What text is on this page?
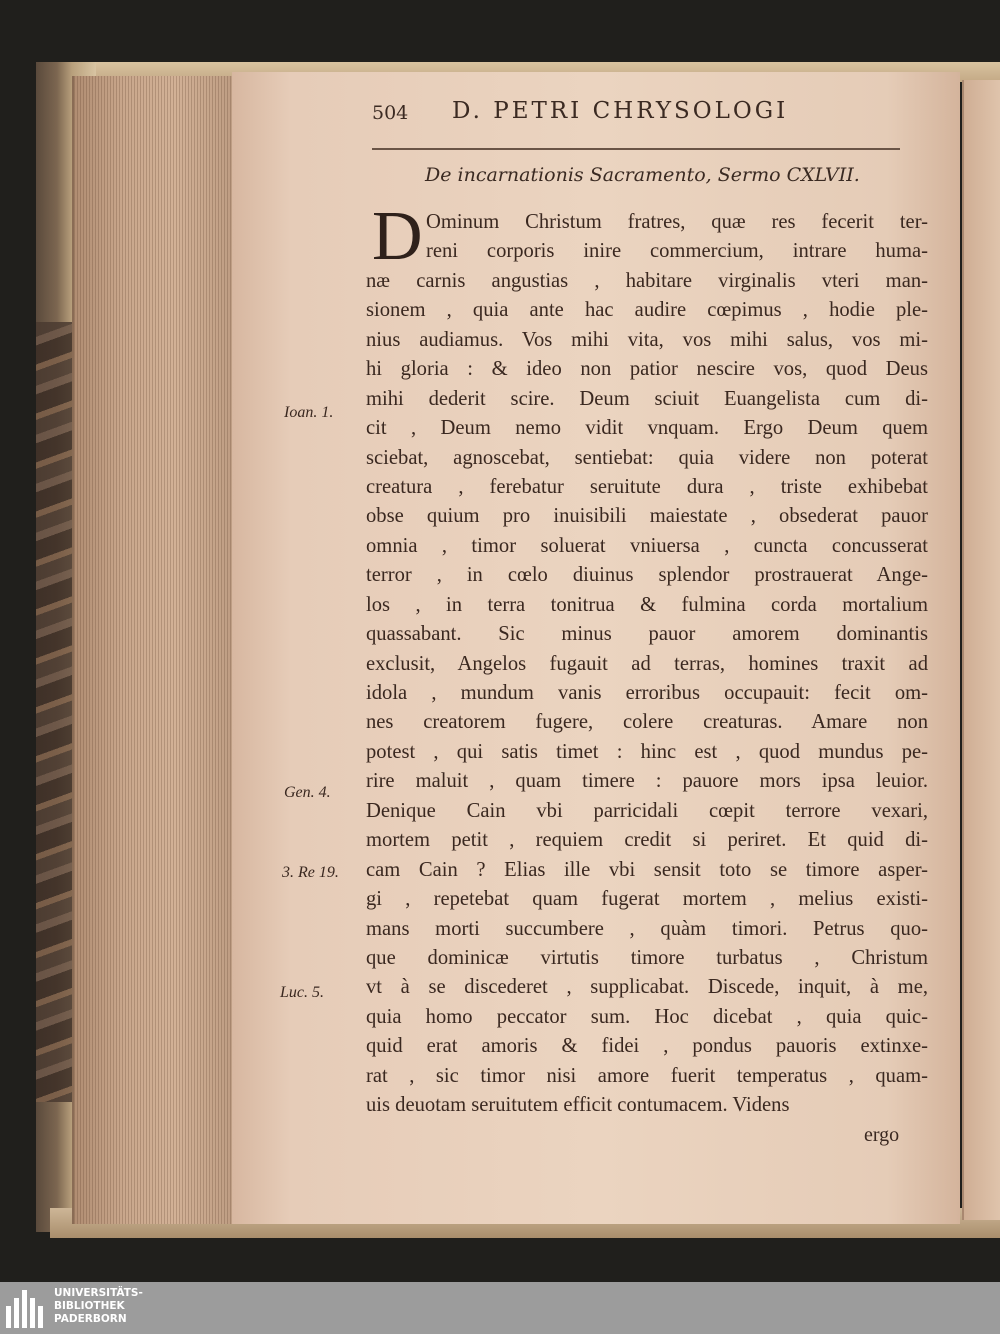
504 D. PETRI CHRYSOLOGI
De incarnationis Sacramento, Sermo CXLVII.
D Ominum Christum fratres, quæ res fecerit ter-
reni corporis inire commercium, intrare huma-
næ carnis angustias , habitare virginalis vteri man-
sionem , quia ante hac audire cœpimus , hodie ple-
nius audiamus. Vos mihi vita, vos mihi salus, vos mi-
hi gloria : & ideo non patior nescire vos, quod Deus
mihi dederit scire. Deum sciuit Euangelista cum di-
cit , Deum nemo vidit vnquam. Ergo Deum quem
sciebat, agnoscebat, sentiebat: quia videre non poterat
creatura , ferebatur seruitute dura , triste exhibebat
obse quium pro inuisibili maiestate , obsederat pauor
omnia , timor soluerat vniuersa , cuncta concusserat
terror , in cœlo diuinus splendor prostrauerat Ange-
los , in terra tonitrua & fulmina corda mortalium
quassabant. Sic minus pauor amorem dominantis
exclusit, Angelos fugauit ad terras, homines traxit ad
idola , mundum vanis erroribus occupauit: fecit om-
nes creatorem fugere, colere creaturas. Amare non
potest , qui satis timet : hinc est , quod mundus pe-
rire maluit , quam timere : pauore mors ipsa leuior.
Denique Cain vbi parricidali cœpit terrore vexari,
mortem petit , requiem credit si periret. Et quid di-
cam Cain ? Elias ille vbi sensit toto se timore asper-
gi , repetebat quam fugerat mortem , melius existi-
mans morti succumbere , quàm timori. Petrus quo-
que dominicæ virtutis timore turbatus , Christum
vt à se discederet , supplicabat. Discede, inquit, à me,
quia homo peccator sum. Hoc dicebat , quia quic-
quid erat amoris & fidei , pondus pauoris extinxe-
rat , sic timor nisi amore fuerit temperatus , quam-
uis deuotam seruitutem efficit contumacem. Videns
ergo
Ioan. 1.
Gen. 4.
3. Re 19.
Luc. 5.
UNIVERSITÄTS-
BIBLIOTHEK
PADERBORN
